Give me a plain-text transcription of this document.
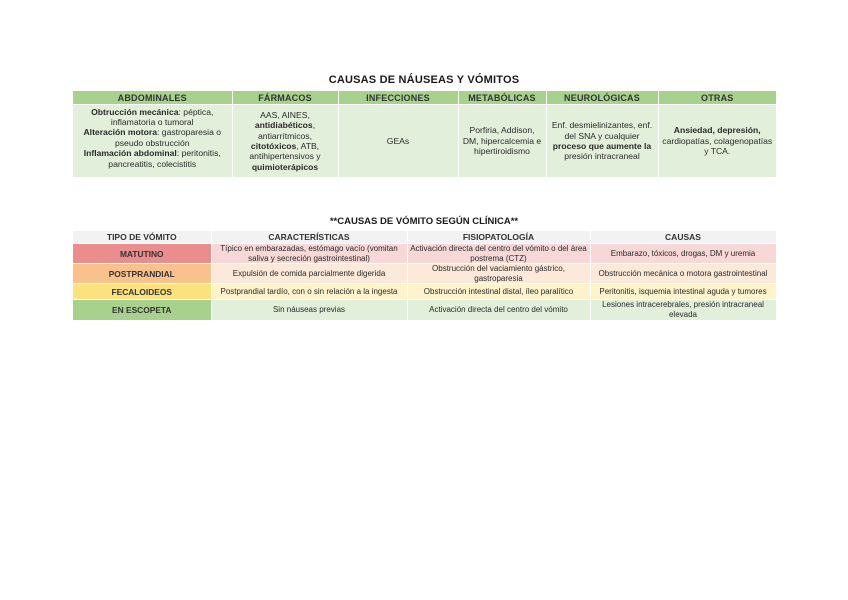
CAUSAS DE NÁUSEAS Y VÓMITOS
ABDOMINALES	FÁRMACOS	INFECCIONES	METABÓLICAS	NEUROLÓGICAS	OTRAS

Obtrucción mecánica: péptica, inflamatoria o tumoral
Alteración motora: gastroparesia o pseudo obstrucción
Inflamación abdominal: peritonitis, pancreatitis, colecistitis	AAS, AINES, antidiabéticos, antiarrítmicos, citotóxicos, ATB, antihipertensivos y quimioterápicos	GEAs	Porfiria, Addison, DM, hipercalcemia e hipertiroidismo	Enf. desmielinizantes, enf. del SNA y cualquier proceso que aumente la presión intracraneal	Ansiedad, depresión, cardiopatías, colagenopatías y TCA.
**CAUSAS DE VÓMITO SEGÚN CLÍNICA**
TIPO DE VÓMITO	CARACTERÍSTICAS	FISIOPATOLOGÍA	CAUSAS
MATUTINO	Típico en embarazadas, estómago vacío (vomitan saliva y secreción gastrointestinal)	Activación directa del centro del vómito o del área postrema (CTZ)	Embarazo, tóxicos, drogas, DM y uremia
POSTPRANDIAL	Expulsión de comida parcialmente digerida	Obstrucción del vaciamiento gástrico, gastroparesia	Obstrucción mecánica o motora gastrointestinal
FECALOIDEOS	Postprandial tardío, con o sin relación a la ingesta	Obstrucción intestinal distal, íleo paralítico	Peritonitis, isquemia intestinal aguda y tumores
EN ESCOPETA	Sin náuseas previas	Activación directa del centro del vómito	Lesiones intracerebrales, presión intracraneal elevada
